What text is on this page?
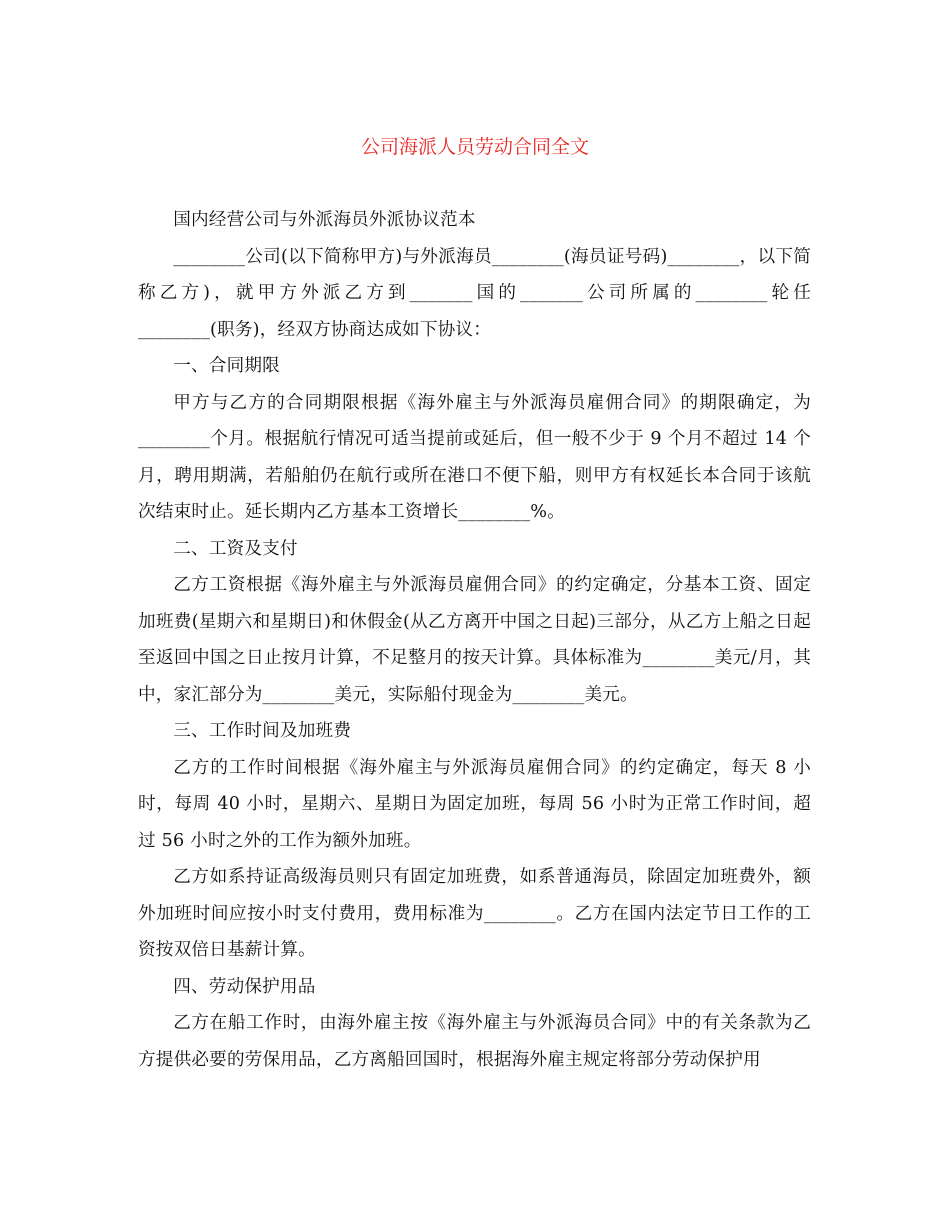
公司海派人员劳动合同全文

国内经营公司与外派海员外派协议范本

________公司(以下简称甲方)与外派海员________(海员证号码)________，以下简称乙方)，就甲方外派乙方到_______国的_______公司所属的________轮任________(职务)，经双方协商达成如下协议：

一、合同期限

甲方与乙方的合同期限根据《海外雇主与外派海员雇佣合同》的期限确定，为________个月。根据航行情况可适当提前或延后，但一般不少于 9 个月不超过 14 个月，聘用期满，若船舶仍在航行或所在港口不便下船，则甲方有权延长本合同于该航次结束时止。延长期内乙方基本工资增长________%。

二、工资及支付

乙方工资根据《海外雇主与外派海员雇佣合同》的约定确定，分基本工资、固定加班费(星期六和星期日)和休假金(从乙方离开中国之日起)三部分，从乙方上船之日起至返回中国之日止按月计算，不足整月的按天计算。具体标准为________美元/月，其中，家汇部分为________美元，实际船付现金为________美元。

三、工作时间及加班费

乙方的工作时间根据《海外雇主与外派海员雇佣合同》的约定确定，每天 8 小时，每周 40 小时，星期六、星期日为固定加班，每周 56 小时为正常工作时间，超过 56 小时之外的工作为额外加班。

乙方如系持证高级海员则只有固定加班费，如系普通海员，除固定加班费外，额外加班时间应按小时支付费用，费用标准为________。乙方在国内法定节日工作的工资按双倍日基薪计算。

四、劳动保护用品

乙方在船工作时，由海外雇主按《海外雇主与外派海员合同》中的有关条款为乙方提供必要的劳保用品，乙方离船回国时，根据海外雇主规定将部分劳动保护用
